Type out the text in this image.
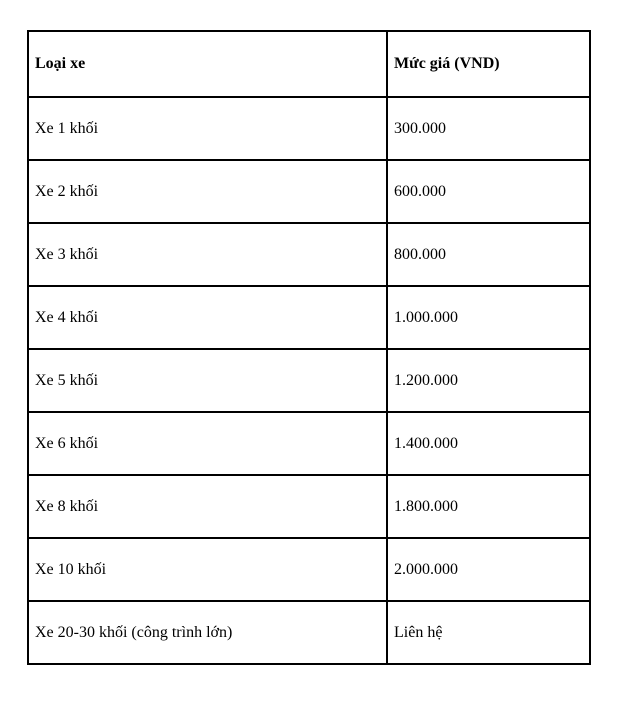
Loại xe	Mức giá (VND)
Xe 1 khối	300.000
Xe 2 khối	600.000
Xe 3 khối	800.000
Xe 4 khối	1.000.000
Xe 5 khối	1.200.000
Xe 6 khối	1.400.000
Xe 8 khối	1.800.000
Xe 10 khối	2.000.000
Xe 20-30 khối (công trình lớn)	Liên hệ
